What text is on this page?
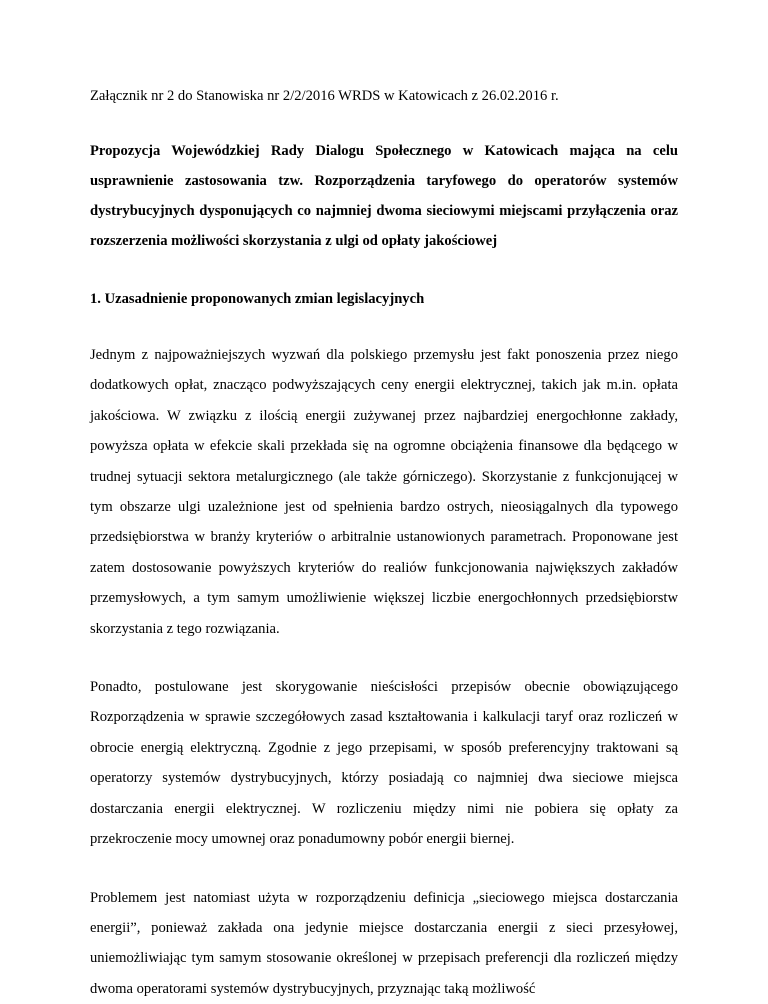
Załącznik nr 2 do Stanowiska nr 2/2/2016 WRDS w Katowicach z 26.02.2016 r.

Propozycja Wojewódzkiej Rady Dialogu Społecznego w Katowicach mająca na celu usprawnienie zastosowania tzw. Rozporządzenia taryfowego do operatorów systemów dystrybucyjnych dysponujących co najmniej dwoma sieciowymi miejscami przyłączenia oraz rozszerzenia możliwości skorzystania z ulgi od opłaty jakościowej

1. Uzasadnienie proponowanych zmian legislacyjnych

Jednym z najpoważniejszych wyzwań dla polskiego przemysłu jest fakt ponoszenia przez niego dodatkowych opłat, znacząco podwyższających ceny energii elektrycznej, takich jak m.in. opłata jakościowa. W związku z ilością energii zużywanej przez najbardziej energochłonne zakłady, powyższa opłata w efekcie skali przekłada się na ogromne obciążenia finansowe dla będącego w trudnej sytuacji sektora metalurgicznego (ale także górniczego). Skorzystanie z funkcjonującej w tym obszarze ulgi uzależnione jest od spełnienia bardzo ostrych, nieosiągalnych dla typowego przedsiębiorstwa w branży kryteriów o arbitralnie ustanowionych parametrach. Proponowane jest zatem dostosowanie powyższych kryteriów do realiów funkcjonowania największych zakładów przemysłowych, a tym samym umożliwienie większej liczbie energochłonnych przedsiębiorstw skorzystania z tego rozwiązania.

Ponadto, postulowane jest skorygowanie nieścisłości przepisów obecnie obowiązującego Rozporządzenia w sprawie szczegółowych zasad kształtowania i kalkulacji taryf oraz rozliczeń w obrocie energią elektryczną. Zgodnie z jego przepisami, w sposób preferencyjny traktowani są operatorzy systemów dystrybucyjnych, którzy posiadają co najmniej dwa sieciowe miejsca dostarczania energii elektrycznej. W rozliczeniu między nimi nie pobiera się opłaty za przekroczenie mocy umownej oraz ponadumowny pobór energii biernej.

Problemem jest natomiast użyta w rozporządzeniu definicja „sieciowego miejsca dostarczania energii”, ponieważ zakłada ona jedynie miejsce dostarczania energii z sieci przesyłowej, uniemożliwiając tym samym stosowanie określonej w przepisach preferencji dla rozliczeń między dwoma operatorami systemów dystrybucyjnych, przyznając taką możliwość
